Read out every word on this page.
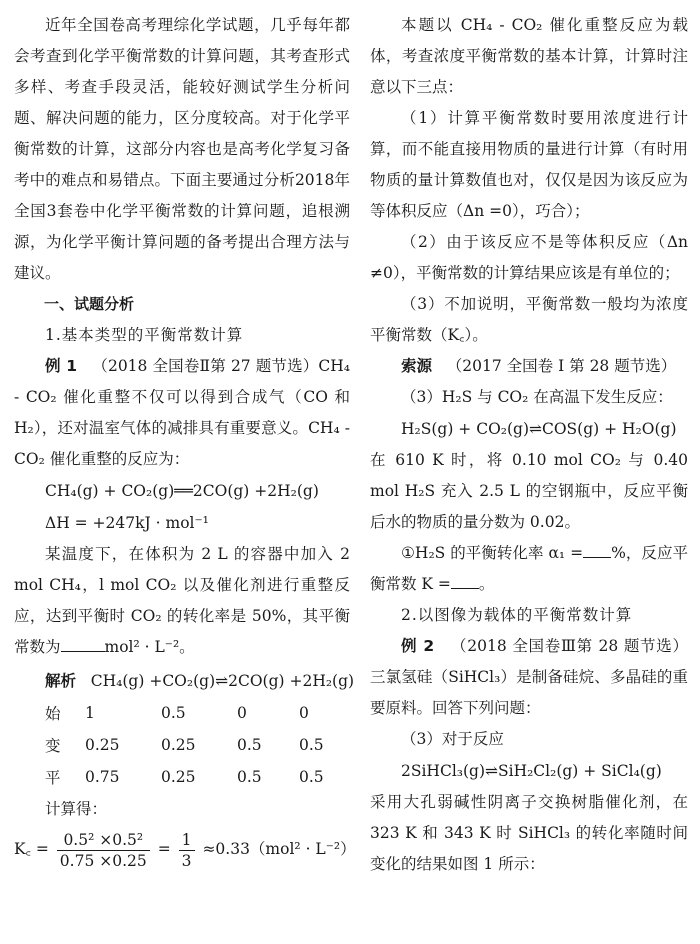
近年全国卷高考理综化学试题，几乎每年都会考查到化学平衡常数的计算问题，其考查形式多样、考查手段灵活，能较好测试学生分析问题、解决问题的能力，区分度较高。对于化学平衡常数的计算，这部分内容也是高考化学复习备考中的难点和易错点。下面主要通过分析2018年全国3套卷中化学平衡常数的计算问题，追根溯源，为化学平衡计算问题的备考提出合理方法与建议。

一、试题分析
1.基本类型的平衡常数计算

例 1 （2018 全国卷Ⅱ第 27 题节选）CH₄ - CO₂ 催化重整不仅可以得到合成气（CO 和 H₂），还对温室气体的减排具有重要意义。CH₄ - CO₂ 催化重整的反应为：

CH₄(g) + CO₂(g)══2CO(g) +2H₂(g)
ΔH = +247kJ · mol⁻¹

某温度下，在体积为 2 L 的容器中加入 2 mol CH₄，l mol CO₂ 以及催化剂进行重整反应，达到平衡时 CO₂ 的转化率是 50%，其平衡常数为	mol² · L⁻²。

解析 CH₄(g) +CO₂(g)⇌2CO(g) +2H₂(g)
始	1	0.5	0	0
变	0.25	0.25	0.5	0.5
平	0.75	0.25	0.5	0.5
计算得：
K꜀ = $\frac{\text{0.5² ×0.5²}}{0.75 \times 0.25} = \frac{1}{3} \approx 0.33(mol^2 \cdot L^{-2})$

本题以 CH₄ - CO₂ 催化重整反应为载体，考查浓度平衡常数的基本计算，计算时注意以下三点：

（1）计算平衡常数时要用浓度进行计算，而不能直接用物质的量进行计算（有时用物质的量计算数值也对，仅仅是因为该反应为等体积反应（Δn =0），巧合）；

（2）由于该反应不是等体积反应（Δn ≠0），平衡常数的计算结果应该是有单位的；

（3）不加说明，平衡常数一般均为浓度平衡常数（K꜀）。

索源 （2017 全国卷 I 第 28 题节选）

（3）H₂S 与 CO₂ 在高温下发生反应：

H₂S(g) + CO₂(g)⇌COS(g) + H₂O(g)

在 610 K 时，将 0.10 mol CO₂ 与 0.40 mol H₂S 充入 2.5 L 的空钢瓶中，反应平衡后水的物质的量分数为 0.02。

①H₂S 的平衡转化率 α₁ = %，反应平衡常数 K = 。

2.以图像为载体的平衡常数计算

例 2 （2018 全国卷Ⅲ第 28 题节选）三氯氢硅（SiHCl₃）是制备硅烷、多晶硅的重要原料。回答下列问题：

（3）对于反应

2SiHCl₃(g)⇌SiH₂Cl₂(g) + SiCl₄(g)

采用大孔弱碱性阴离子交换树脂催化剂，在323 K 和 343 K 时 SiHCl₃ 的转化率随时间变化的结果如图 1 所示：
